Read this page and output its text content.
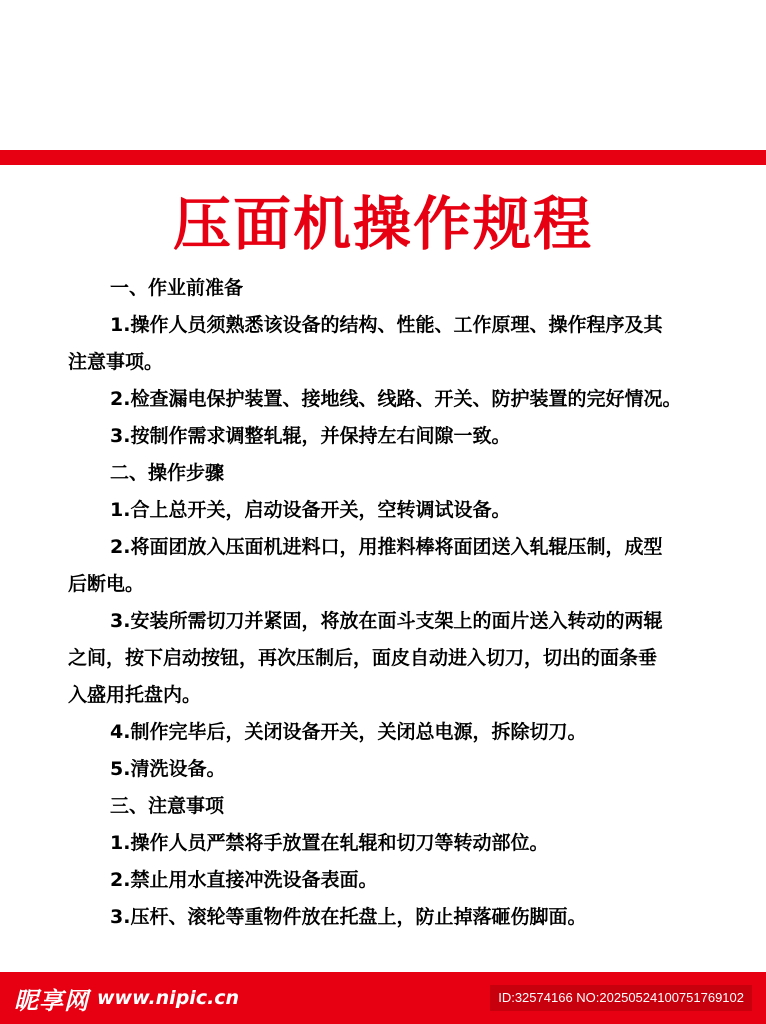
压面机操作规程
一、作业前准备
1.操作人员须熟悉该设备的结构、性能、工作原理、操作程序及其
注意事项。
2.检查漏电保护装置、接地线、线路、开关、防护装置的完好情况。
3.按制作需求调整轧辊，并保持左右间隙一致。
二、操作步骤
1.合上总开关，启动设备开关，空转调试设备。
2.将面团放入压面机进料口，用推料棒将面团送入轧辊压制，成型
后断电。
3.安装所需切刀并紧固，将放在面斗支架上的面片送入转动的两辊
之间，按下启动按钮，再次压制后，面皮自动进入切刀，切出的面条垂
入盛用托盘内。
4.制作完毕后，关闭设备开关，关闭总电源，拆除切刀。
5.清洗设备。
三、注意事项
1.操作人员严禁将手放置在轧辊和切刀等转动部位。
2.禁止用水直接冲洗设备表面。
3.压杆、滚轮等重物件放在托盘上，防止掉落砸伤脚面。
昵享网 www.nipic.cn	ID:32574166 NO:20250524100751769102
